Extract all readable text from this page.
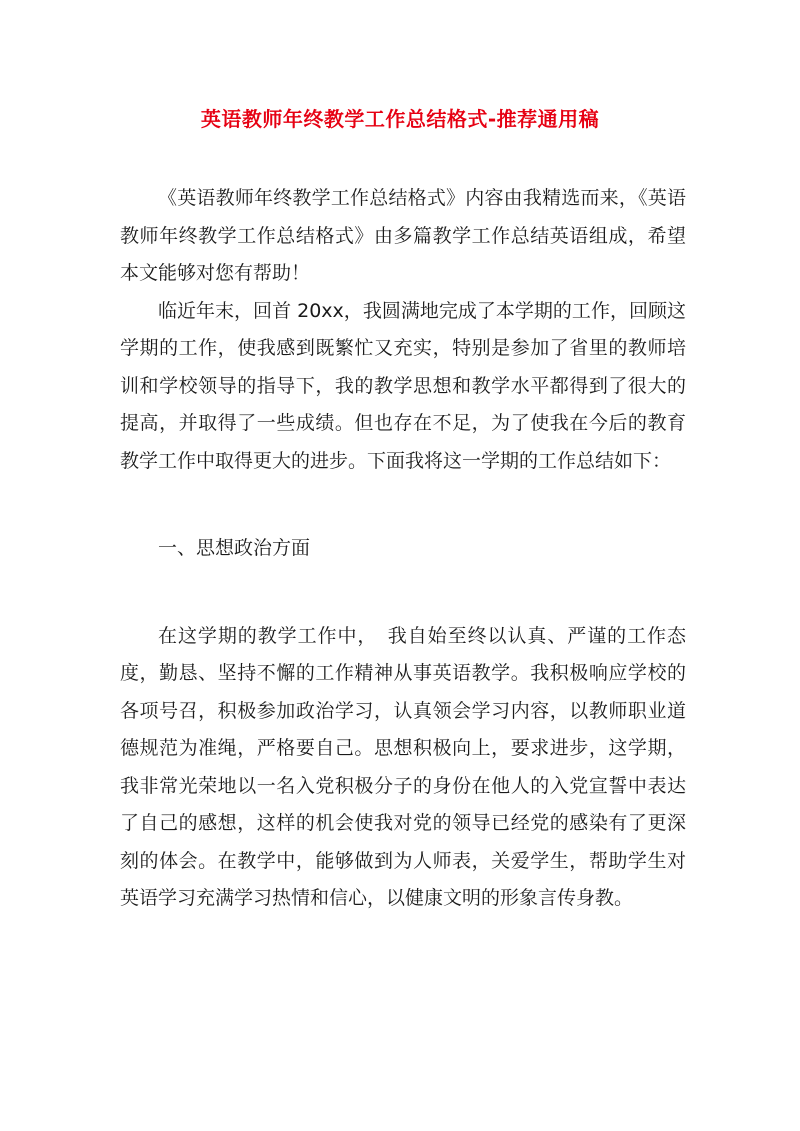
英语教师年终教学工作总结格式-推荐通用稿

《英语教师年终教学工作总结格式》内容由我精选而来，《英语教师年终教学工作总结格式》由多篇教学工作总结英语组成，希望本文能够对您有帮助！

临近年末，回首 20xx，我圆满地完成了本学期的工作，回顾这学期的工作，使我感到既繁忙又充实，特别是参加了省里的教师培训和学校领导的指导下，我的教学思想和教学水平都得到了很大的提高，并取得了一些成绩。但也存在不足，为了使我在今后的教育教学工作中取得更大的进步。下面我将这一学期的工作总结如下：

一、思想政治方面

在这学期的教学工作中，　我自始至终以认真、严谨的工作态度，勤恳、坚持不懈的工作精神从事英语教学。我积极响应学校的各项号召，积极参加政治学习，认真领会学习内容，以教师职业道德规范为准绳，严格要自己。思想积极向上，要求进步，这学期，我非常光荣地以一名入党积极分子的身份在他人的入党宣誓中表达了自己的感想，这样的机会使我对党的领导已经党的感染有了更深刻的体会。在教学中，能够做到为人师表，关爱学生，帮助学生对英语学习充满学习热情和信心，以健康文明的形象言传身教。
